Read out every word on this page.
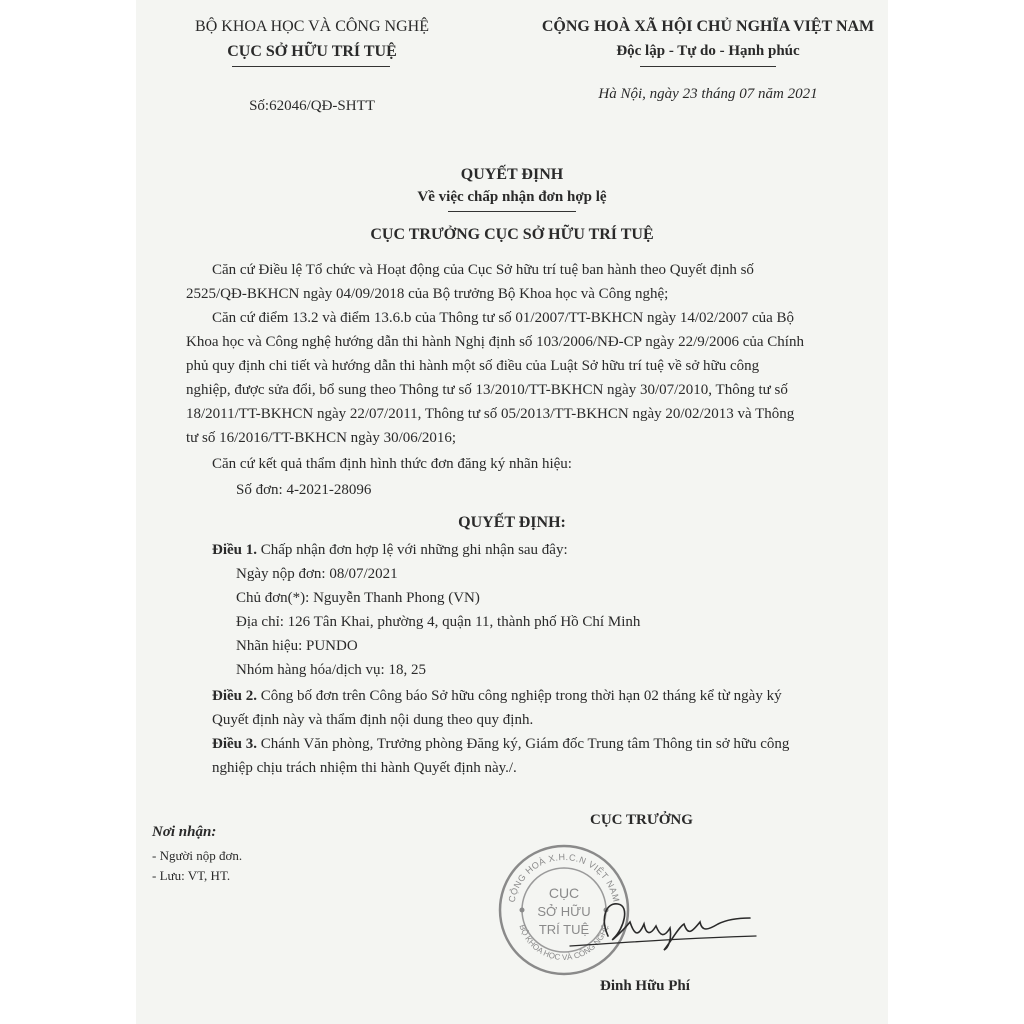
BỘ KHOA HỌC VÀ CÔNG NGHỆ
CỤC SỞ HỮU TRÍ TUỆ
Số:62046/QĐ-SHTT
CỘNG HOÀ XÃ HỘI CHỦ NGHĨA VIỆT NAM
Độc lập - Tự do - Hạnh phúc
Hà Nội, ngày 23 tháng 07 năm 2021
QUYẾT ĐỊNH
Về việc chấp nhận đơn hợp lệ
CỤC TRƯỞNG CỤC SỞ HỮU TRÍ TUỆ
Căn cứ Điều lệ Tổ chức và Hoạt động của Cục Sở hữu trí tuệ ban hành theo Quyết định số
2525/QĐ-BKHCN ngày 04/09/2018 của Bộ trưởng Bộ Khoa học và Công nghệ;
Căn cứ điểm 13.2 và điểm 13.6.b của Thông tư số 01/2007/TT-BKHCN ngày 14/02/2007 của Bộ
Khoa học và Công nghệ hướng dẫn thi hành Nghị định số 103/2006/NĐ-CP ngày 22/9/2006 của Chính
phủ quy định chi tiết và hướng dẫn thi hành một số điều của Luật Sở hữu trí tuệ về sở hữu công
nghiệp, được sửa đổi, bổ sung theo Thông tư số 13/2010/TT-BKHCN ngày 30/07/2010, Thông tư số
18/2011/TT-BKHCN ngày 22/07/2011, Thông tư số 05/2013/TT-BKHCN ngày 20/02/2013 và Thông
tư số 16/2016/TT-BKHCN ngày 30/06/2016;
Căn cứ kết quả thẩm định hình thức đơn đăng ký nhãn hiệu:
Số đơn: 4-2021-28096
QUYẾT ĐỊNH:
Điều 1. Chấp nhận đơn hợp lệ với những ghi nhận sau đây:
Ngày nộp đơn: 08/07/2021
Chủ đơn(*): Nguyễn Thanh Phong (VN)
Địa chỉ: 126 Tân Khai, phường 4, quận 11, thành phố Hồ Chí Minh
Nhãn hiệu: PUNDO
Nhóm hàng hóa/dịch vụ: 18, 25
Điều 2. Công bố đơn trên Công báo Sở hữu công nghiệp trong thời hạn 02 tháng kể từ ngày ký
Quyết định này và thẩm định nội dung theo quy định.
Điều 3. Chánh Văn phòng, Trưởng phòng Đăng ký, Giám đốc Trung tâm Thông tin sở hữu công
nghiệp chịu trách nhiệm thi hành Quyết định này./.
Nơi nhận:
- Người nộp đơn.
- Lưu: VT, HT.
CỤC TRƯỞNG
CỘNG HOÀ X.H.C.N VIỆT NAM
BỘ KHOA HỌC VÀ CÔNG NGHỆ
CỤC
SỞ HỮU
TRÍ TUỆ
Đinh Hữu Phí
